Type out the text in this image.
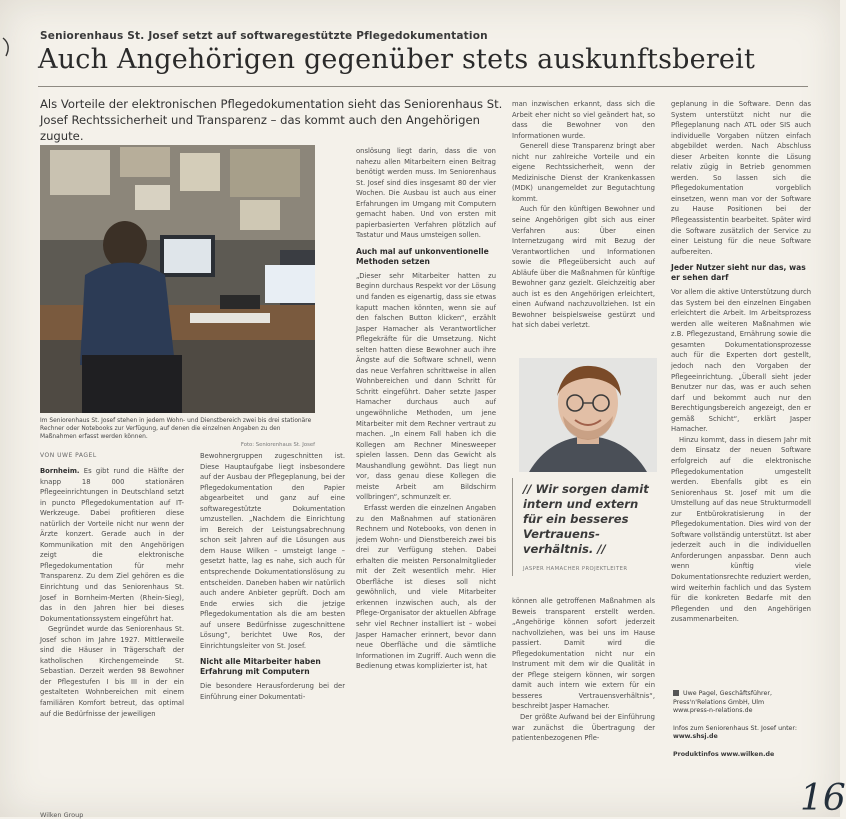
Seniorenhaus St. Josef setzt auf softwaregestützte Pflegedokumentation
Auch Angehörigen gegenüber stets auskunftsbereit
Als Vorteile der elektronischen Pflegedokumentation sieht das Seniorenhaus St. Josef Rechtssicherheit und Transparenz – das kommt auch den Angehörigen zugute.
Im Seniorenhaus St. Josef stehen in jedem Wohn- und Dienstbereich zwei bis drei stationäre Rechner oder Notebooks zur Verfügung, auf denen die einzelnen Angaben zu den Maßnahmen erfasst werden können.
Foto: Seniorenhaus St. Josef
VON UWE PAGEL

Bornheim. Es gibt rund die Hälfte der knapp 18 000 stationären Pflegeeinrichtungen in Deutschland setzt in puncto Pflegedokumentation auf IT-Werkzeuge. Dabei profitieren diese natürlich der Vorteile nicht nur wenn der Ärzte konzert. Gerade auch in der Kommunikation mit den Angehörigen zeigt die elektronische Pflegedokumentation für mehr Transparenz. Zu dem Ziel gehören es die Einrichtung und das Seniorenhaus St. Josef in Bornheim-Merten (Rhein-Sieg), das in den Jahren hier bei dieses Dokumentationssystem eingeführt hat.

Gegründet wurde das Seniorenhaus St. Josef schon im Jahre 1927. Mittlerweile sind die Häuser in Trägerschaft der katholischen Kirchengemeinde St. Sebastian. Derzeit werden 98 Bewohner der Pflegestufen I bis III in der ein gestalteten Wohnbereichen mit einem familiären Komfort betreut, das optimal auf die Bedürfnisse der jeweiligen

Bewohnergruppen zugeschnitten ist. Diese Hauptaufgabe liegt insbesondere auf der Ausbau der Pflegeplanung, bei der Pflegedokumentation den Papier abgearbeitet und ganz auf eine softwaregestützte Dokumentation umzustellen. „Nachdem die Einrichtung im Bereich der Leistungsabrechnung schon seit Jahren auf die Lösungen aus dem Hause Wilken – umsteigt lange – gesetzt hatte, lag es nahe, sich auch für entsprechende Dokumentationslösung zu entscheiden. Daneben haben wir natürlich auch andere Anbieter geprüft. Doch am Ende erwies sich die jetzige Pflegedokumentation als die am besten auf unsere Bedürfnisse zugeschnittene Lösung“, berichtet Uwe Ros, der Einrichtungsleiter von St. Josef.

Nicht alle Mitarbeiter haben Erfahrung mit Computern

Die besondere Herausforderung bei der Einführung einer Dokumentati-

onslösung liegt darin, dass die von nahezu allen Mitarbeitern einen Beitrag benötigt werden muss. Im Seniorenhaus St. Josef sind dies insgesamt 80 der vier Wochen. Die Ausbau ist auch aus einer Erfahrungen im Umgang mit Computern gemacht haben. Und von ersten mit papierbasierten Verfahren plötzlich auf Tastatur und Maus umsteigen sollen.

Auch mal auf unkonventionelle Methoden setzen

„Dieser sehr Mitarbeiter hatten zu Beginn durchaus Respekt vor der Lösung und fanden es eigenartig, dass sie etwas kaputt machen könnten, wenn sie auf den falschen Button klicken“, erzählt Jasper Hamacher als Verantwortlicher Pflegekräfte für die Umsetzung. Nicht selten hatten diese Bewohner auch ihre Ängste auf die Software schnell, wenn das neue Verfahren schrittweise in allen Wohnbereichen und dann Schritt für Schritt eingeführt. Daher setzte Jasper Hamacher durchaus auch auf ungewöhnliche Methoden, um jene Mitarbeiter mit dem Rechner vertraut zu machen. „In einem Fall haben ich die Kollegen am Rechner Minesweeper spielen lassen. Denn das Gewicht als Maushandlung gewöhnt. Das liegt nun vor, dass genau diese Kollegen die meiste Arbeit am Bildschirm vollbringen“, schmunzelt er.

Erfasst werden die einzelnen Angaben zu den Maßnahmen auf stationären Rechnern und Notebooks, von denen in jedem Wohn- und Dienstbereich zwei bis drei zur Verfügung stehen. Dabei erhalten die meisten Personalmitglieder mit der Zeit wesentlich mehr. Hier Oberfläche ist dieses soll nicht gewöhnlich, und viele Mitarbeiter erkennen inzwischen auch, als der Pflege-Organisator der aktuellen Abfrage sehr viel Rechner installiert ist – wobei Jasper Hamacher erinnert, bevor dann neue Oberfläche und die sämtliche Informationen im Zugriff. Auch wenn die Bedienung etwas komplizierter ist, hat

man inzwischen erkannt, dass sich die Arbeit eher nicht so viel geändert hat, so dass die Bewohner von den Informationen wurde.

Generell diese Transparenz bringt aber nicht nur zahlreiche Vorteile und ein eigene Rechtssicherheit, wenn der Medizinische Dienst der Krankenkassen (MDK) unangemeldet zur Begutachtung kommt.

Auch für den künftigen Bewohner und seine Angehörigen gibt sich aus einer Verfahren aus: Über einen Internetzugang wird mit Bezug der Verantwortlichen und Informationen sowie die Pflegeübersicht auch auf Abläufe über die Maßnahmen für künftige Bewohner ganz gezielt. Gleichzeitig aber auch ist es den Angehörigen erleichtert, einen Aufwand nachzuvollziehen. Ist ein Bewohner beispielsweise gestürzt und hat sich dabei verletzt.

// Wir sorgen damit intern und extern für ein besseres Vertrauens-verhältnis. //
JASPER HAMACHER PROJEKTLEITER

können alle getroffenen Maßnahmen als Beweis transparent erstellt werden. „Angehörige können sofort jederzeit nachvollziehen, was bei uns im Hause passiert. Damit wird die Pflegedokumentation nicht nur ein Instrument mit dem wir die Qualität in der Pflege steigern können, wir sorgen damit auch intern wie extern für ein besseres Vertrauensverhältnis“, beschreibt Jasper Hamacher.

Der größte Aufwand bei der Einführung war zunächst die Übertragung der patientenbezogenen Pfle-

geplanung in die Software. Denn das System unterstützt nicht nur die Pflegeplanung nach ATL oder SIS auch individuelle Vorgaben nützen einfach abgebildet werden. Nach Abschluss dieser Arbeiten konnte die Lösung relativ zügig in Betrieb genommen werden. So lassen sich die Pflegedokumentation vorgeblich einsetzen, wenn man vor der Software zu Hause Positionen bei der Pflegeassistentin bearbeitet. Später wird die Software zusätzlich der Service zu einer Leistung für die neue Software aufbereiten.

Jeder Nutzer sieht nur das, was er sehen darf

Vor allem die aktive Unterstützung durch das System bei den einzelnen Eingaben erleichtert die Arbeit. Im Arbeitsprozess werden alle weiteren Maßnahmen wie z.B. Pflegezustand, Ernährung sowie die gesamten Dokumentationsprozesse auch für die Experten dort gestellt, jedoch nach den Vorgaben der Pflegeeinrichtung. „Überall sieht jeder Benutzer nur das, was er auch sehen darf und bekommt auch nur den Berechtigungsbereich angezeigt, den er gemäß Schicht“, erklärt Jasper Hamacher.

Hinzu kommt, dass in diesem Jahr mit dem Einsatz der neuen Software erfolgreich auf die elektronische Pflegedokumentation umgestellt werden. Ebenfalls gibt es ein Seniorenhaus St. Josef mit um die Umstellung auf das neue Strukturmodell zur Entbürokratisierung in der Pflegedokumentation. Dies wird von der Software vollständig unterstützt. Ist aber jederzeit auch in die individuellen Anforderungen anpassbar. Denn auch wenn künftig viele Dokumentationsrechte reduziert werden, wird weiterhin fachlich und das System für die konkreten Bedarfe mit den Pflegenden und den Angehörigen zusammenarbeiten.

Uwe Pagel, Geschäftsführer, Press'n'Relations GmbH, Ulm
www.press-n-relations.de
Infos zum Seniorenhaus St. Josef unter:
www.shsj.de
Produktinfos www.wilken.de
16
Wilken Group
